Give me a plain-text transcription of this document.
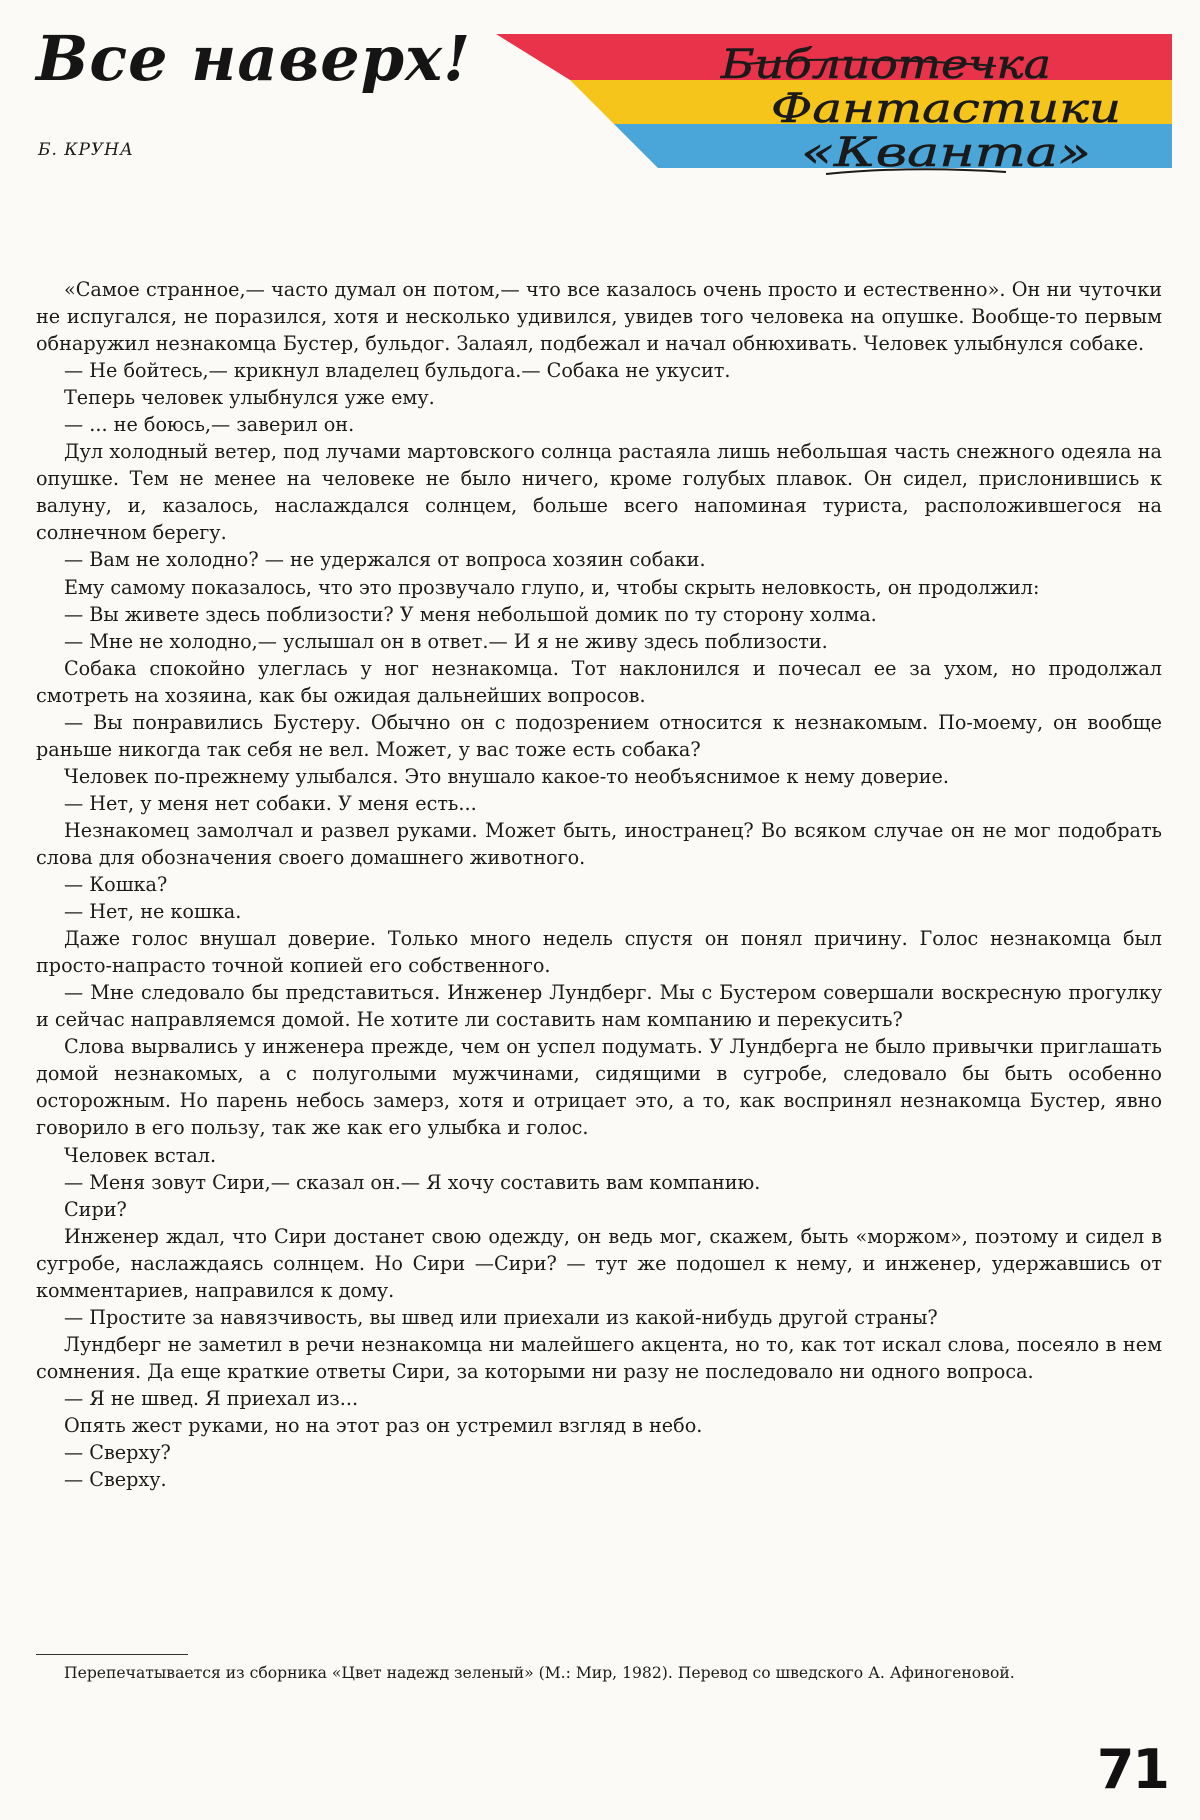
Все наверх!
Б. КРУНА
Библиотечка
Фантастики
«Кванта»

«Самое странное,— часто думал он потом,— что все казалось очень просто и естественно». Он ни чуточки не испугался, не поразился, хотя и несколько удивился, увидев того человека на опушке. Вообще-то первым обнаружил незнакомца Бустер, бульдог. Залаял, подбежал и начал обнюхивать. Человек улыбнулся собаке.

— Не бойтесь,— крикнул владелец бульдога.— Собака не укусит.

Теперь человек улыбнулся уже ему.

— ... не боюсь,— заверил он.

Дул холодный ветер, под лучами мартовского солнца растаяла лишь небольшая часть снежного одеяла на опушке. Тем не менее на человеке не было ничего, кроме голубых плавок. Он сидел, прислонившись к валуну, и, казалось, наслаждался солнцем, больше всего напоминая туриста, расположившегося на солнечном берегу.

— Вам не холодно? — не удержался от вопроса хозяин собаки.

Ему самому показалось, что это прозвучало глупо, и, чтобы скрыть неловкость, он продолжил:

— Вы живете здесь поблизости? У меня небольшой домик по ту сторону холма.

— Мне не холодно,— услышал он в ответ.— И я не живу здесь поблизости.

Собака спокойно улеглась у ног незнакомца. Тот наклонился и почесал ее за ухом, но продолжал смотреть на хозяина, как бы ожидая дальнейших вопросов.

— Вы понравились Бустеру. Обычно он с подозрением относится к незнакомым. По-моему, он вообще раньше никогда так себя не вел. Может, у вас тоже есть собака?

Человек по-прежнему улыбался. Это внушало какое-то необъяснимое к нему доверие.

— Нет, у меня нет собаки. У меня есть...

Незнакомец замолчал и развел руками. Может быть, иностранец? Во всяком случае он не мог подобрать слова для обозначения своего домашнего животного.

— Кошка?

— Нет, не кошка.

Даже голос внушал доверие. Только много недель спустя он понял причину. Голос незнакомца был просто-напрасто точной копией его собственного.

— Мне следовало бы представиться. Инженер Лундберг. Мы с Бустером совершали воскресную прогулку и сейчас направляемся домой. Не хотите ли составить нам компанию и перекусить?

Слова вырвались у инженера прежде, чем он успел подумать. У Лундберга не было привычки приглашать домой незнакомых, а с полуголыми мужчинами, сидящими в сугробе, следовало бы быть особенно осторожным. Но парень небось замерз, хотя и отрицает это, а то, как воспринял незнакомца Бустер, явно говорило в его пользу, так же как его улыбка и голос.

Человек встал.

— Меня зовут Сири,— сказал он.— Я хочу составить вам компанию.

Сири?

Инженер ждал, что Сири достанет свою одежду, он ведь мог, скажем, быть «моржом», поэтому и сидел в сугробе, наслаждаясь солнцем. Но Сири —Сири? — тут же подошел к нему, и инженер, удержавшись от комментариев, направился к дому.

— Простите за навязчивость, вы швед или приехали из какой-нибудь другой страны?

Лундберг не заметил в речи незнакомца ни малейшего акцента, но то, как тот искал слова, посеяло в нем сомнения. Да еще краткие ответы Сири, за которыми ни разу не последовало ни одного вопроса.

— Я не швед. Я приехал из...

Опять жест руками, но на этот раз он устремил взгляд в небо.

— Сверху?

— Сверху.

Перепечатывается из сборника «Цвет надежд зеленый» (М.: Мир, 1982). Перевод со шведского А. Афиногеновой.
71
